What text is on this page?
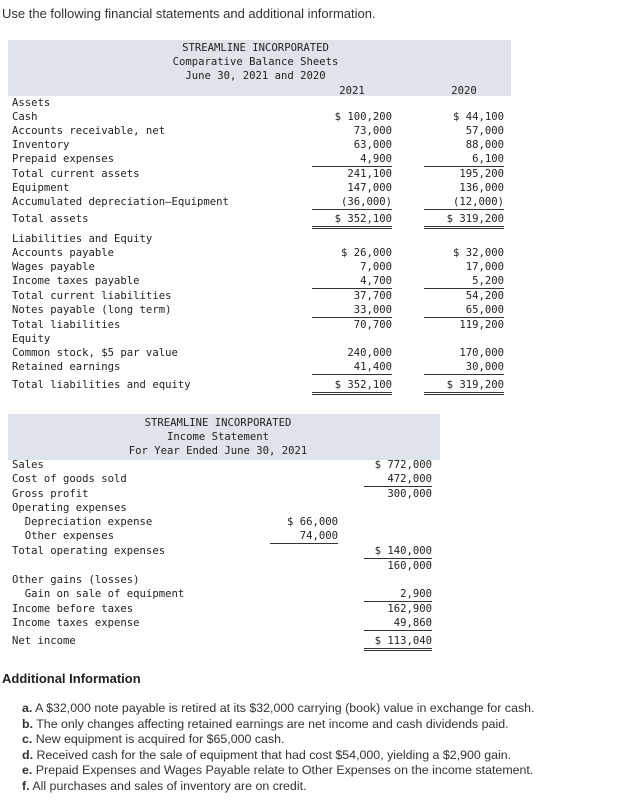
Use the following financial statements and additional information.
STREAMLINE INCORPORATED
Comparative Balance Sheets
June 30, 2021 and 2020
2021	2020
Assets
Cash	$ 100,200	$ 44,100
Accounts receivable, net	73,000	57,000
Inventory	63,000	88,000
Prepaid expenses	4,900	6,100
Total current assets	241,100	195,200
Equipment	147,000	136,000
Accumulated depreciation—Equipment	(36,000)	(12,000)
Total assets	$ 352,100	$ 319,200
Liabilities and Equity
Accounts payable	$ 26,000	$ 32,000
Wages payable	7,000	17,000
Income taxes payable	4,700	5,200
Total current liabilities	37,700	54,200
Notes payable (long term)	33,000	65,000
Total liabilities	70,700	119,200
Equity
Common stock, $5 par value	240,000	170,000
Retained earnings	41,400	30,000
Total liabilities and equity	$ 352,100	$ 319,200
STREAMLINE INCORPORATED
Income Statement
For Year Ended June 30, 2021
Sales	$ 772,000
Cost of goods sold	472,000
Gross profit	300,000
Operating expenses
Depreciation expense	$ 66,000
Other expenses	74,000
Total operating expenses	$ 140,000
160,000
Other gains (losses)
Gain on sale of equipment	2,900
Income before taxes	162,900
Income taxes expense	49,860
Net income	$ 113,040
Additional Information
a. A $32,000 note payable is retired at its $32,000 carrying (book) value in exchange for cash.
b. The only changes affecting retained earnings are net income and cash dividends paid.
c. New equipment is acquired for $65,000 cash.
d. Received cash for the sale of equipment that had cost $54,000, yielding a $2,900 gain.
e. Prepaid Expenses and Wages Payable relate to Other Expenses on the income statement.
f. All purchases and sales of inventory are on credit.
